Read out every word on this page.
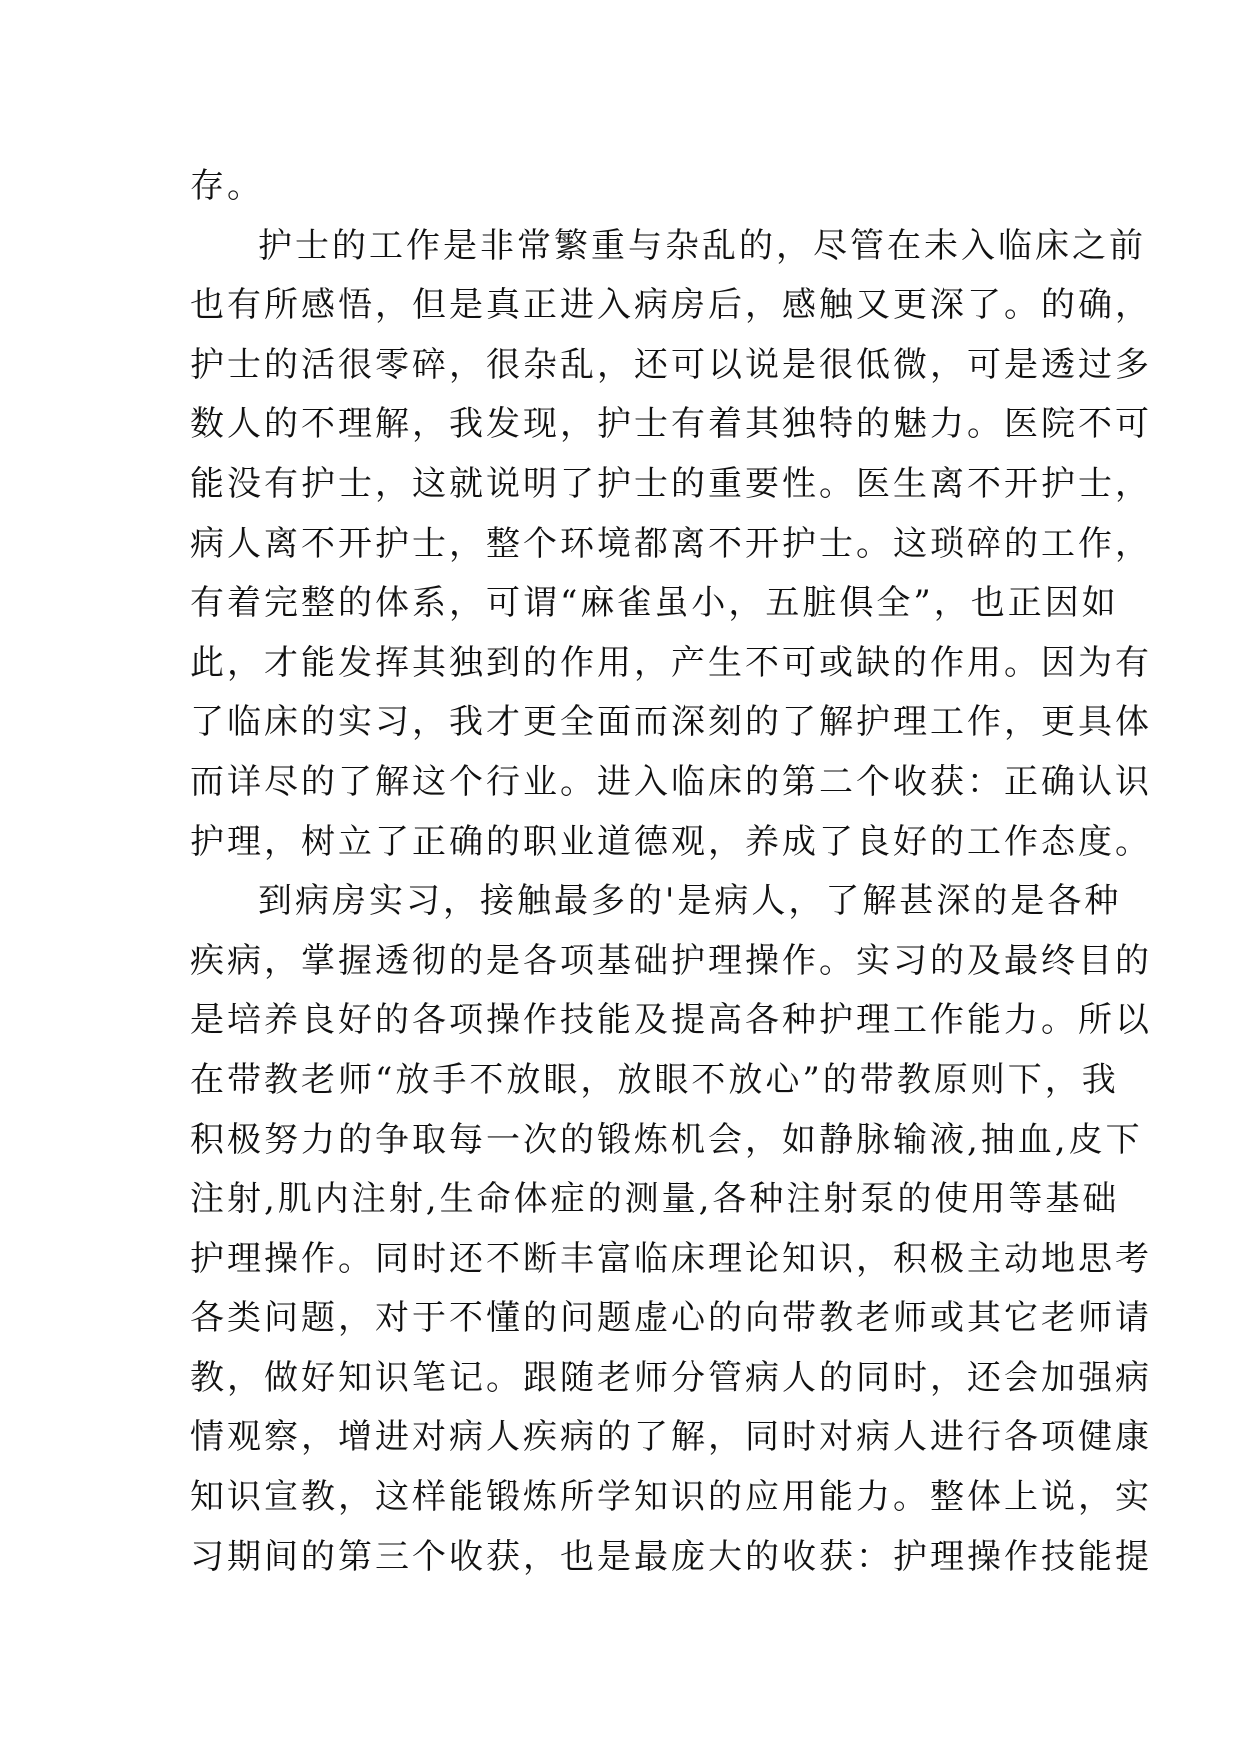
存。
护士的工作是非常繁重与杂乱的，尽管在未入临床之前
也有所感悟，但是真正进入病房后，感触又更深了。的确，
护士的活很零碎，很杂乱，还可以说是很低微，可是透过多
数人的不理解，我发现，护士有着其独特的魅力。医院不可
能没有护士，这就说明了护士的重要性。医生离不开护士，
病人离不开护士，整个环境都离不开护士。这琐碎的工作，
有着完整的体系，可谓“麻雀虽小，五脏俱全”，也正因如
此，才能发挥其独到的作用，产生不可或缺的作用。因为有
了临床的实习，我才更全面而深刻的了解护理工作，更具体
而详尽的了解这个行业。进入临床的第二个收获：正确认识
护理，树立了正确的职业道德观，养成了良好的工作态度。
到病房实习，接触最多的'是病人，了解甚深的是各种
疾病，掌握透彻的是各项基础护理操作。实习的及最终目的
是培养良好的各项操作技能及提高各种护理工作能力。所以
在带教老师“放手不放眼，放眼不放心”的带教原则下，我
积极努力的争取每一次的锻炼机会，如静脉输液,抽血,皮下
注射,肌内注射,生命体症的测量,各种注射泵的使用等基础
护理操作。同时还不断丰富临床理论知识，积极主动地思考
各类问题，对于不懂的问题虚心的向带教老师或其它老师请
教，做好知识笔记。跟随老师分管病人的同时，还会加强病
情观察，增进对病人疾病的了解，同时对病人进行各项健康
知识宣教，这样能锻炼所学知识的应用能力。整体上说，实
习期间的第三个收获，也是最庞大的收获：护理操作技能提
